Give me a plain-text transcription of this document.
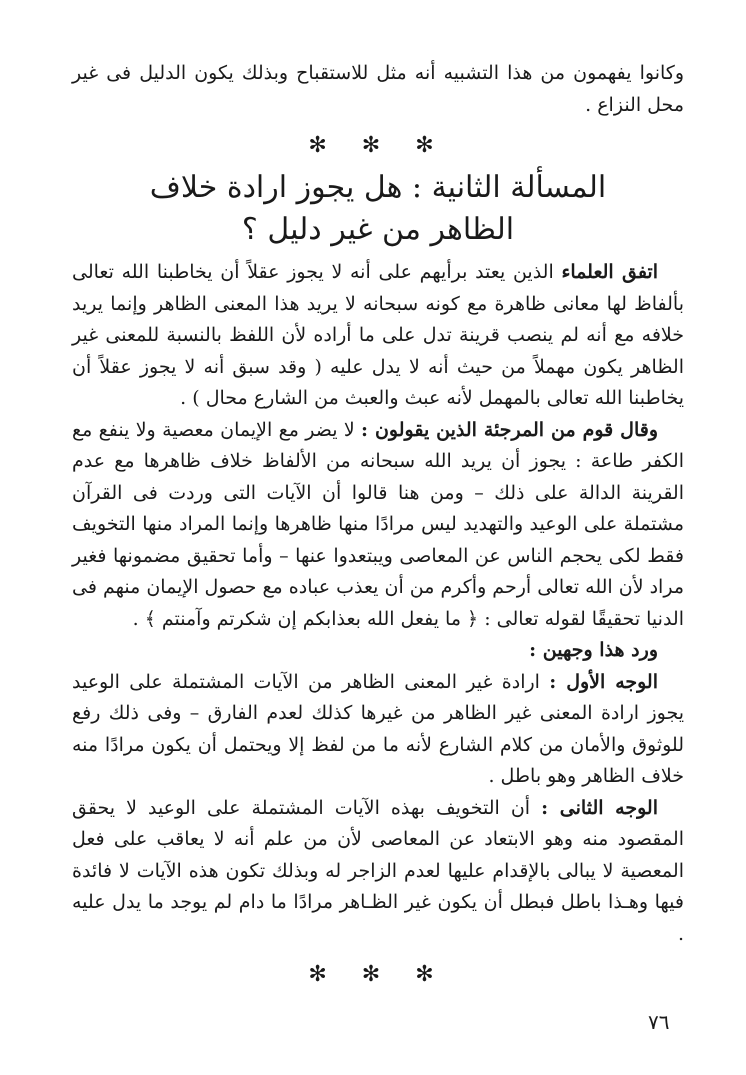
وكانوا يفهمون من هذا التشبيه أنه مثل للاستقباح وبذلك يكون الدليل فى غير محل النزاع .

✻ ✻ ✻
المسألة الثانية : هل يجوز ارادة خلاف
الظاهر من غير دليل ؟

اتفق العلماء الذين يعتد برأيهم على أنه لا يجوز عقلاً أن يخاطبنا الله تعالى بألفاظ لها معانى ظاهرة مع كونه سبحانه لا يريد هذا المعنى الظاهر وإنما يريد خلافه مع أنه لم ينصب قرينة تدل على ما أراده لأن اللفظ بالنسبة للمعنى غير الظاهر يكون مهملاً من حيث أنه لا يدل عليه ( وقد سبق أنه لا يجوز عقلاً أن يخاطبنا الله تعالى بالمهمل لأنه عبث والعبث من الشارع محال ) .

وقال قوم من المرجئة الذين يقولون : لا يضر مع الإيمان معصية ولا ينفع مع الكفر طاعة : يجوز أن يريد الله سبحانه من الألفاظ خلاف ظاهرها مع عدم القرينة الدالة على ذلك – ومن هنا قالوا أن الآيات التى وردت فى القرآن مشتملة على الوعيد والتهديد ليس مرادًا منها ظاهرها وإنما المراد منها التخويف فقط لكى يحجم الناس عن المعاصى ويبتعدوا عنها – وأما تحقيق مضمونها فغير مراد لأن الله تعالى أرحم وأكرم من أن يعذب عباده مع حصول الإيمان منهم فى الدنيا تحقيقًا لقوله تعالى : ﴿ ما يفعل الله بعذابكم إن شكرتم وآمنتم ﴾ .

ورد هذا وجهين :

الوجه الأول : ارادة غير المعنى الظاهر من الآيات المشتملة على الوعيد يجوز ارادة المعنى غير الظاهر من غيرها كذلك لعدم الفارق – وفى ذلك رفع للوثوق والأمان من كلام الشارع لأنه ما من لفظ إلا ويحتمل أن يكون مرادًا منه خلاف الظاهر وهو باطل .

الوجه الثانى : أن التخويف بهذه الآيات المشتملة على الوعيد لا يحقق المقصود منه وهو الابتعاد عن المعاصى لأن من علم أنه لا يعاقب على فعل المعصية لا يبالى بالإقدام عليها لعدم الزاجر له وبذلك تكون هذه الآيات لا فائدة فيها وهـذا باطل فبطل أن يكون غير الظـاهر مرادًا ما دام لم يوجد ما يدل عليه .

✻ ✻ ✻
٧٦
